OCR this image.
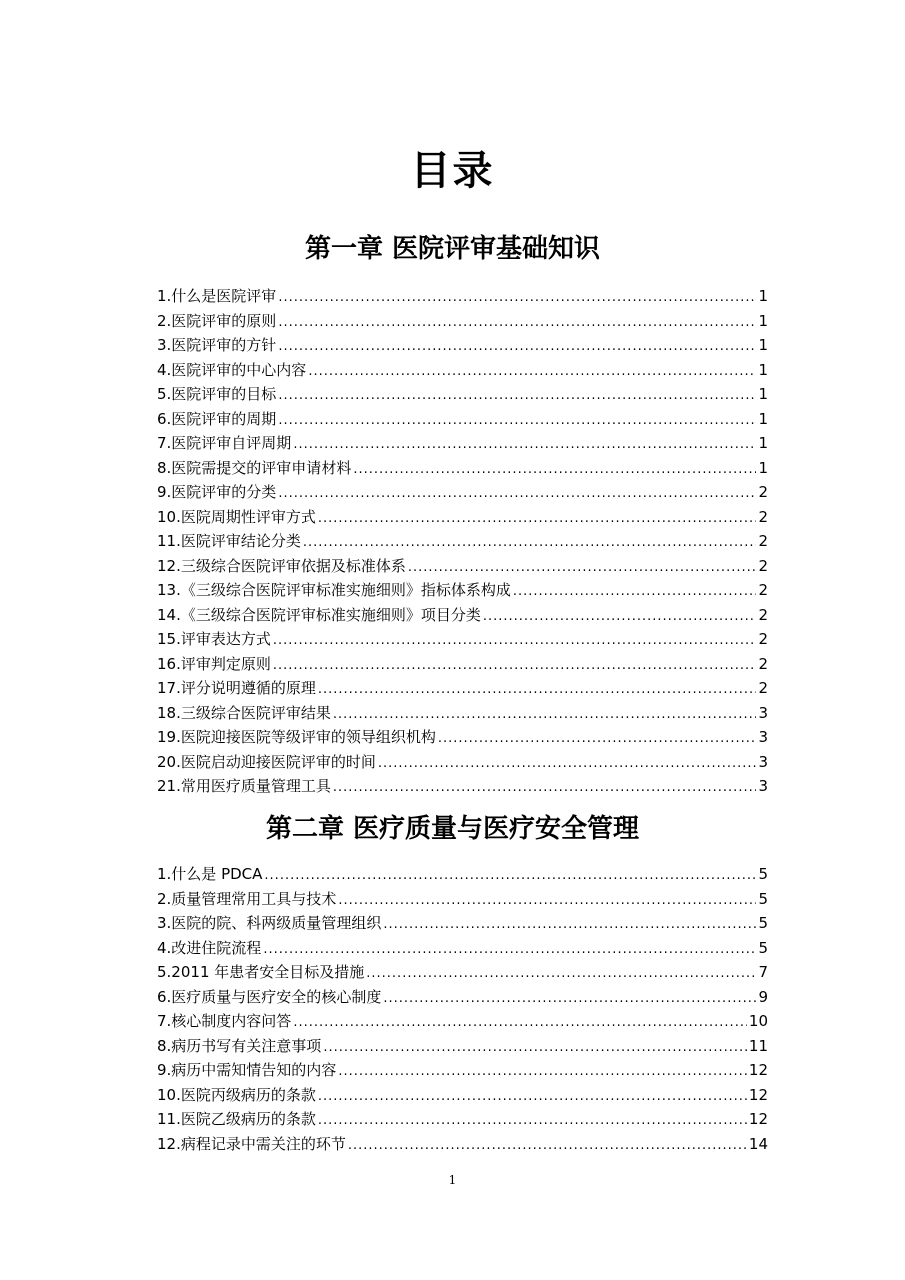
目录
第一章 医院评审基础知识
1.什么是医院评审 .....	1
2.医院评审的原则 .....	1
3.医院评审的方针 .....	1
4.医院评审的中心内容 .....	1
5.医院评审的目标 .....	1
6.医院评审的周期 .....	1
7.医院评审自评周期 .....	1
8.医院需提交的评审申请材料 .....	1
9.医院评审的分类 .....	2
10.医院周期性评审方式 .....	2
11.医院评审结论分类 .....	2
12.三级综合医院评审依据及标准体系 .....	2
13.《三级综合医院评审标准实施细则》指标体系构成 .....	2
14.《三级综合医院评审标准实施细则》项目分类 .....	2
15.评审表达方式 .....	2
16.评审判定原则 .....	2
17.评分说明遵循的原理 .....	2
18.三级综合医院评审结果 .....	3
19.医院迎接医院等级评审的领导组织机构 .....	3
20.医院启动迎接医院评审的时间 .....	3
21.常用医疗质量管理工具 .....	3
第二章 医疗质量与医疗安全管理
1.什么是 PDCA .....	5
2.质量管理常用工具与技术 .....	5
3.医院的院、科两级质量管理组织 .....	5
4.改进住院流程 .....	5
5.2011 年患者安全目标及措施 .....	7
6.医疗质量与医疗安全的核心制度 .....	9
7.核心制度内容问答 .....	10
8.病历书写有关注意事项 .....	11
9.病历中需知情告知的内容 .....	12
10.医院丙级病历的条款 .....	12
11.医院乙级病历的条款 .....	12
12.病程记录中需关注的环节 .....	14
1
